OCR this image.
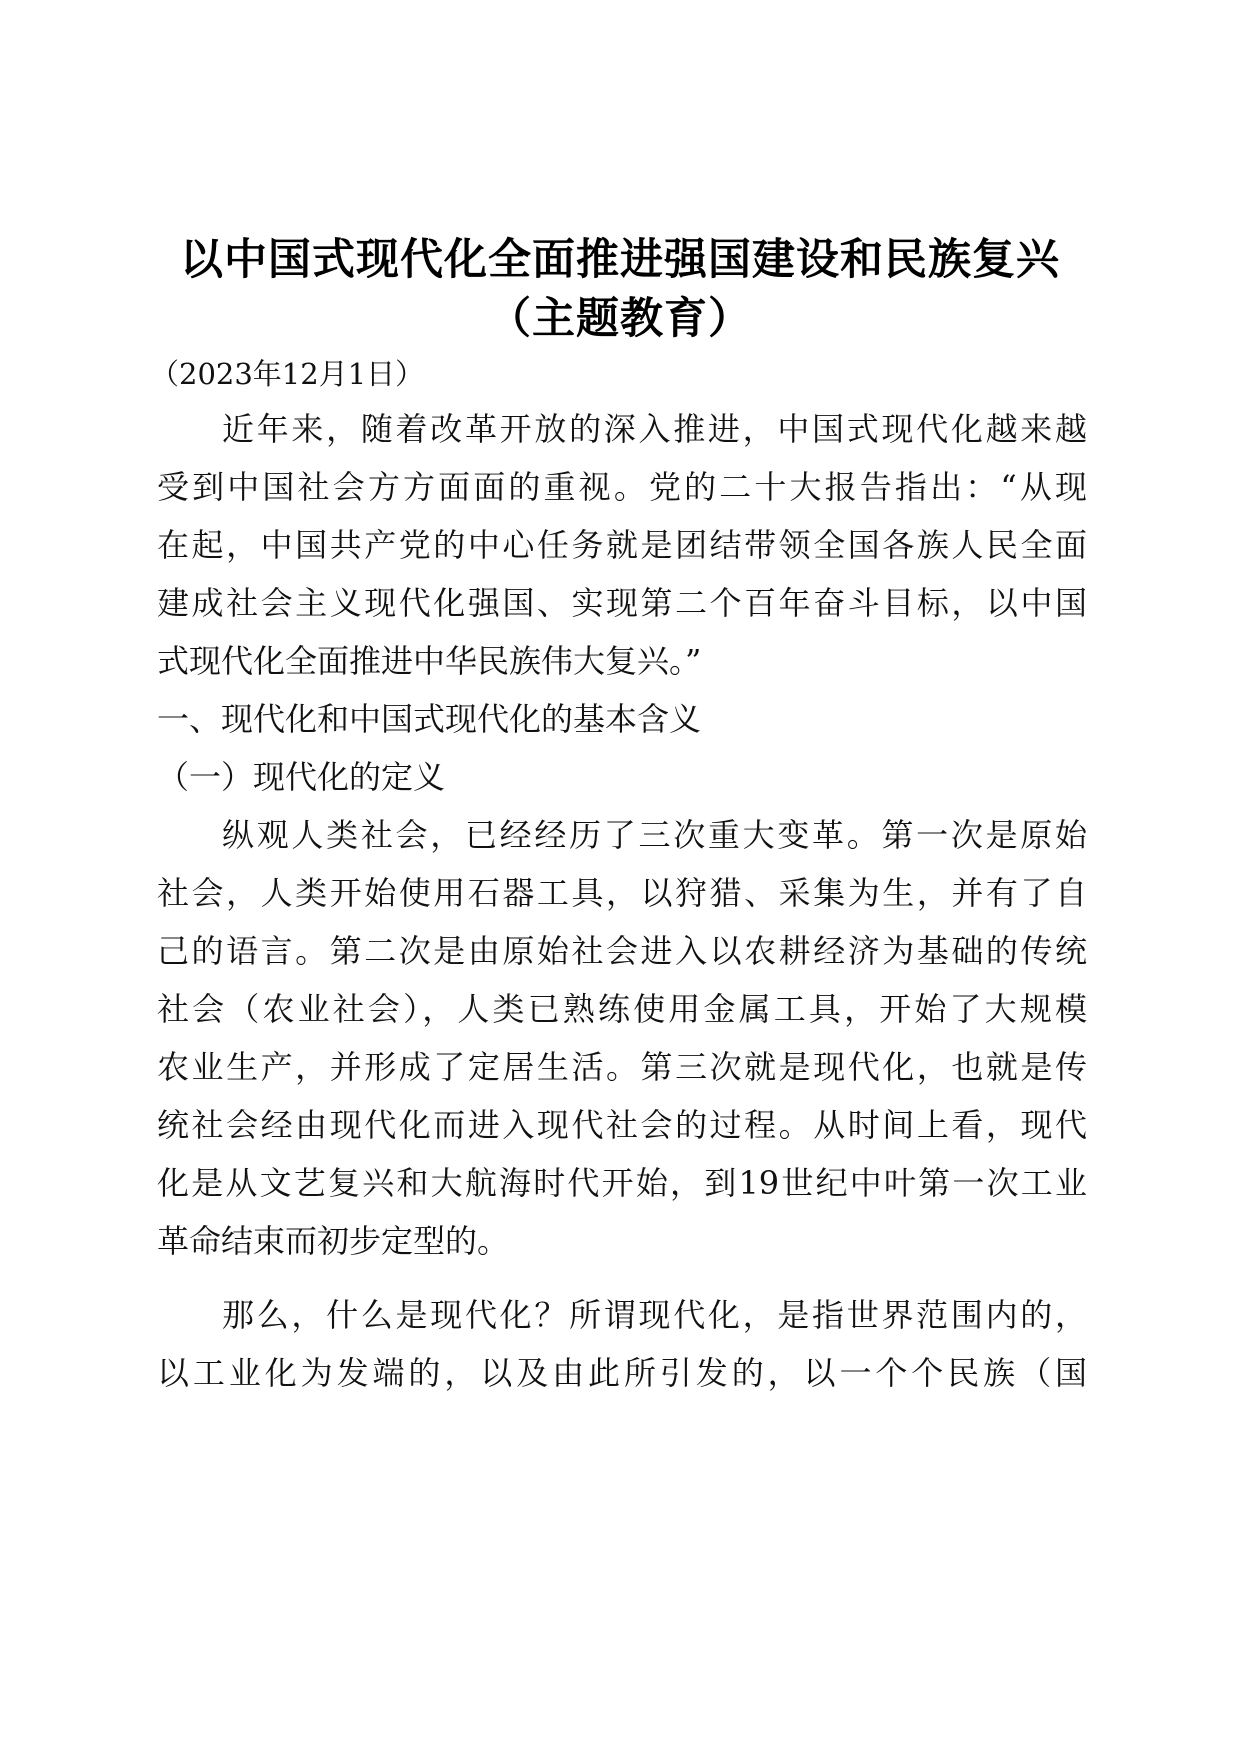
以中国式现代化全面推进强国建设和民族复兴
（主题教育）
（2023年12月1日）
近年来，随着改革开放的深入推进，中国式现代化越来越
受到中国社会方方面面的重视。党的二十大报告指出：“从现
在起，中国共产党的中心任务就是团结带领全国各族人民全面
建成社会主义现代化强国、实现第二个百年奋斗目标，以中国
式现代化全面推进中华民族伟大复兴。”
一、现代化和中国式现代化的基本含义
（一）现代化的定义
纵观人类社会，已经经历了三次重大变革。第一次是原始
社会，人类开始使用石器工具，以狩猎、采集为生，并有了自
己的语言。第二次是由原始社会进入以农耕经济为基础的传统
社会（农业社会），人类已熟练使用金属工具，开始了大规模
农业生产，并形成了定居生活。第三次就是现代化，也就是传
统社会经由现代化而进入现代社会的过程。从时间上看，现代
化是从文艺复兴和大航海时代开始，到19世纪中叶第一次工业
革命结束而初步定型的。
那么，什么是现代化？所谓现代化，是指世界范围内的，
以工业化为发端的，以及由此所引发的，以一个个民族（国
